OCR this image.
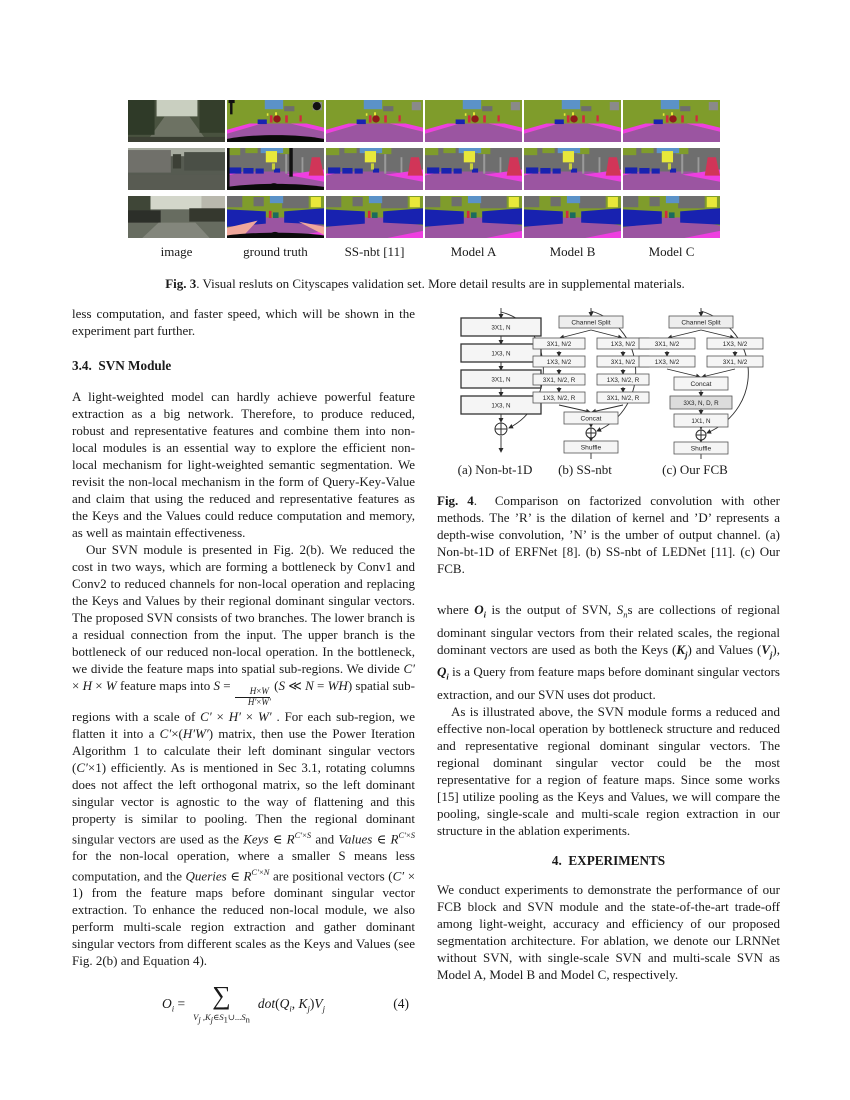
image	ground truth	SS-nbt [11]	Model A	Model B	Model C

Fig. 3. Visual resluts on Cityscapes validation set. More detail results are in supplemental materials.

less computation, and faster speed, which will be shown in the experiment part further.

3.4.  SVN Module

A light-weighted model can hardly achieve powerful feature extraction as a big network. Therefore, to produce reduced, robust and representative features and combine them into non-local modules is an essential way to explore the efficient non-local mechanism for light-weighted semantic segmentation. We revisit the non-local mechanism in the form of Query-Key-Value and claim that using the reduced and representative features as the Keys and the Values could reduce computation and memory, as well as maintain effectiveness.

Our SVN module is presented in Fig. 2(b). We reduced the cost in two ways, which are forming a bottleneck by Conv1 and Conv2 to reduced channels for non-local operation and replacing the Keys and Values by their regional dominant singular vectors. The proposed SVN consists of two branches. The lower branch is a residual connection from the input. The upper branch is the bottleneck of our reduced non-local operation. In the bottleneck, we divide the feature maps into spatial sub-regions. We divide C′ × H × W feature maps into S =
$\frac{H\times W}{H'\times W'}$
(S ≪ N = WH) spatial sub-regions with a scale of C′ × H′ × W′ . For each sub-region, we flatten it into a C′×(H′W′) matrix, then use the Power Iteration Algorithm 1 to calculate their left dominant singular vectors (C′×1) efficiently. As is mentioned in Sec 3.1, rotating columns does not affect the left orthogonal matrix, so the left dominant singular vector is agnostic to the way of flattening and this property is similar to pooling. Then the regional dominant singular vectors are used as the Keys ∈ $R^{C'\times S}$ and Values ∈ $R^{C'\times S}$ for the non-local operation, where a smaller S means less computation, and the Queries ∈ $R^{C'\times N}$ are positional vectors (C′ × 1) from the feature maps before dominant singular vector extraction. To enhance the reduced non-local module, we also perform multi-scale region extraction and gather dominant singular vectors from different scales as the Keys and Values (see Fig. 2(b) and Equation 4).

$O_i$ = ∑
$V_j$ $,K_j\in S_1\cup...S_n$
$dot(Q_i$, $K_j)V_j$	(4)
3X1, N
1X3, N
3X1, N
1X3, N
Channel Split
3X1, N/2	1X3, N/2
1X3, N/2	3X1, N/2
3X1, N/2, R	1X3, N/2, R
1X3, N/2, R	3X1, N/2, R
Concat
Shuffle
Channel Split
3X1, N/2	1X3, N/2
1X3, N/2	3X1, N/2
Concat
3X3, N, D, R
1X1, N
Shuffle
(a) Non-bt-1D	(b) SS-nbt	(c) Our FCB

Fig. 4.  Comparison on factorized convolution with other methods. The ’R’ is the dilation of kernel and ’D’ represents a depth-wise convolution, ’N’ is the umber of output channel. (a) Non-bt-1D of ERFNet [8]. (b) SS-nbt of LEDNet [11]. (c) Our FCB.

where $O_i$ is the output of SVN, $S_ns$ are collections of regional dominant singular vectors from their related scales, the regional dominant vectors are used as both the Keys $(K_j)$ and Values $(V_j)$, $Q_i$ is a Query from feature maps before dominant singular vectors extraction, and our SVN uses dot product.

As is illustrated above, the SVN module forms a reduced and effective non-local operation by bottleneck structure and reduced and representative regional dominant singular vectors. The regional dominant singular vector could be the most representative for a region of feature maps. Since some works [15] utilize pooling as the Keys and Values, we will compare the pooling, single-scale and multi-scale region extraction in our structure in the ablation experiments.

4.  EXPERIMENTS

We conduct experiments to demonstrate the performance of our FCB block and SVN module and the state-of-the-art trade-off among light-weight, accuracy and efficiency of our proposed segmentation architecture. For ablation, we denote our LRNNet without SVN, with single-scale SVN and multi-scale SVN as Model A, Model B and Model C, respectively.
